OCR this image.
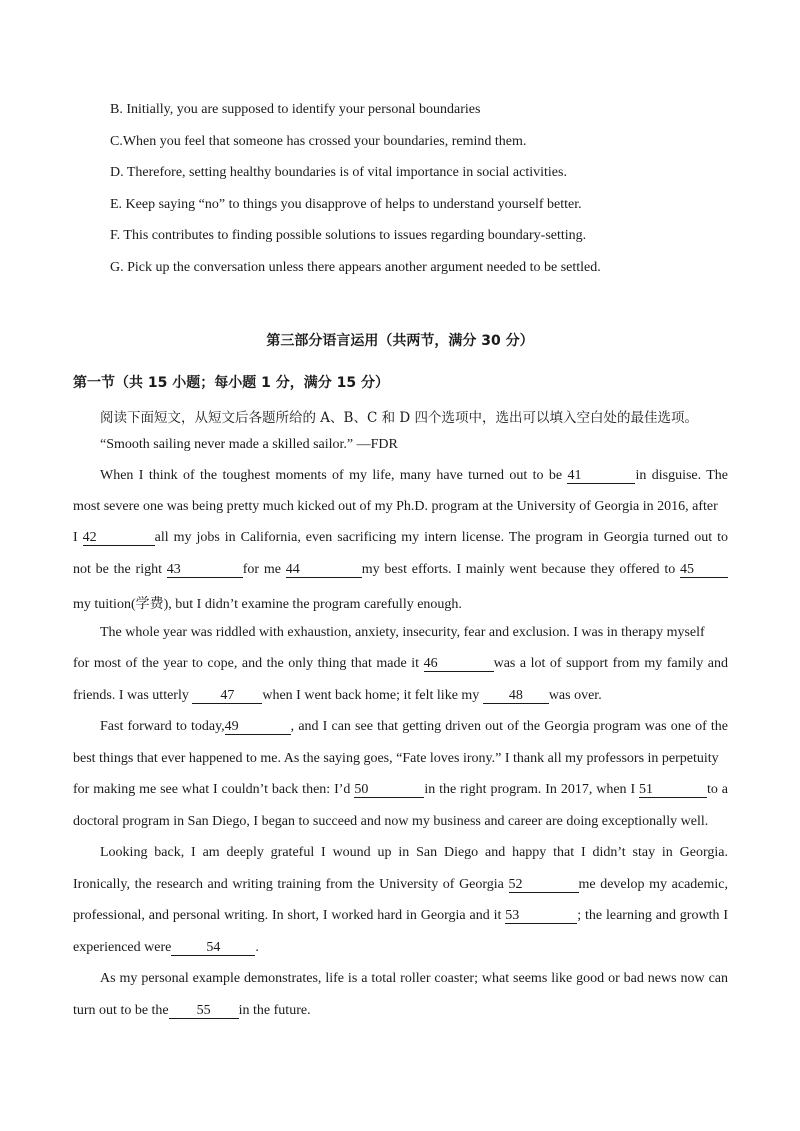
B. Initially, you are supposed to identify your personal boundaries
C.When you feel that someone has crossed your boundaries, remind them.
D. Therefore, setting healthy boundaries is of vital importance in social activities.
E. Keep saying “no” to things you disapprove of helps to understand yourself better.
F. This contributes to finding possible solutions to issues regarding boundary-setting.
G. Pick up the conversation unless there appears another argument needed to be settled.
第三部分语言运用（共两节，满分 30 分）
第一节（共 15 小题；每小题 1 分，满分 15 分）
阅读下面短文，从短文后各题所给的 A、B、C 和 D 四个选项中，选出可以填入空白处的最佳选项。
“Smooth sailing never made a skilled sailor.” —FDR
When I think of the toughest moments of my life, many have turned out to be 41	in disguise. The
most severe one was being pretty much kicked out of my Ph.D. program at the University of Georgia in 2016, after
I 42	all my jobs in California, even sacrificing my intern license. The program in Georgia turned out to
not be the right 43	for me 44	my best efforts. I mainly went because they offered to 45
my tuition(学费), but I didn’t examine the program carefully enough.
The whole year was riddled with exhaustion, anxiety, insecurity, fear and exclusion. I was in therapy myself
for most of the year to cope, and the only thing that made it 46	was a lot of support from my family and
friends. I was utterly 47 when I went back home; it felt like my 48 was over.
Fast forward to today,49	, and I can see that getting driven out of the Georgia program was one of the
best things that ever happened to me. As the saying goes, “Fate loves irony.” I thank all my professors in perpetuity
for making me see what I couldn’t back then: I’d 50	in the right program. In 2017, when I 51	to a
doctoral program in San Diego, I began to succeed and now my business and career are doing exceptionally well.
Looking back, I am deeply grateful I wound up in San Diego and happy that I didn’t stay in Georgia.
Ironically, the research and writing training from the University of Georgia 52	me develop my academic,
professional, and personal writing. In short, I worked hard in Georgia and it 53	; the learning and growth I
experienced were	54	.
As my personal example demonstrates, life is a total roller coaster; what seems like good or bad news now can
turn out to be the 55 in the future.
